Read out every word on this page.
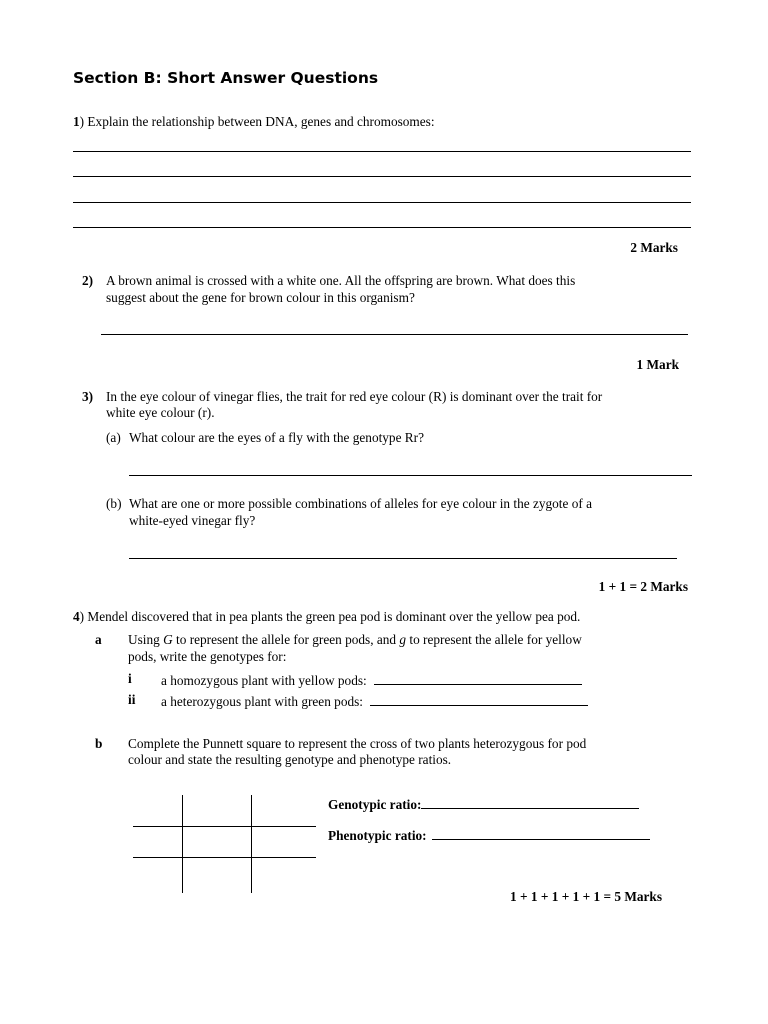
Section B: Short Answer Questions
1) Explain the relationship between DNA, genes and chromosomes:
2 Marks
2) A brown animal is crossed with a white one. All the offspring are brown. What does this
suggest about the gene for brown colour in this organism?
1 Mark
3) In the eye colour of vinegar flies, the trait for red eye colour (R) is dominant over the trait for
white eye colour (r).
(a) What colour are the eyes of a fly with the genotype Rr?
(b) What are one or more possible combinations of alleles for eye colour in the zygote of a
white-eyed vinegar fly?
1 + 1 = 2 Marks
4) Mendel discovered that in pea plants the green pea pod is dominant over the yellow pea pod.
a Using G to represent the allele for green pods, and g to represent the allele for yellow
pods, write the genotypes for:
i a homozygous plant with yellow pods:
ii a heterozygous plant with green pods:
b Complete the Punnett square to represent the cross of two plants heterozygous for pod
colour and state the resulting genotype and phenotype ratios.
Genotypic ratio:
Phenotypic ratio:
1 + 1 + 1 + 1 + 1 = 5 Marks
